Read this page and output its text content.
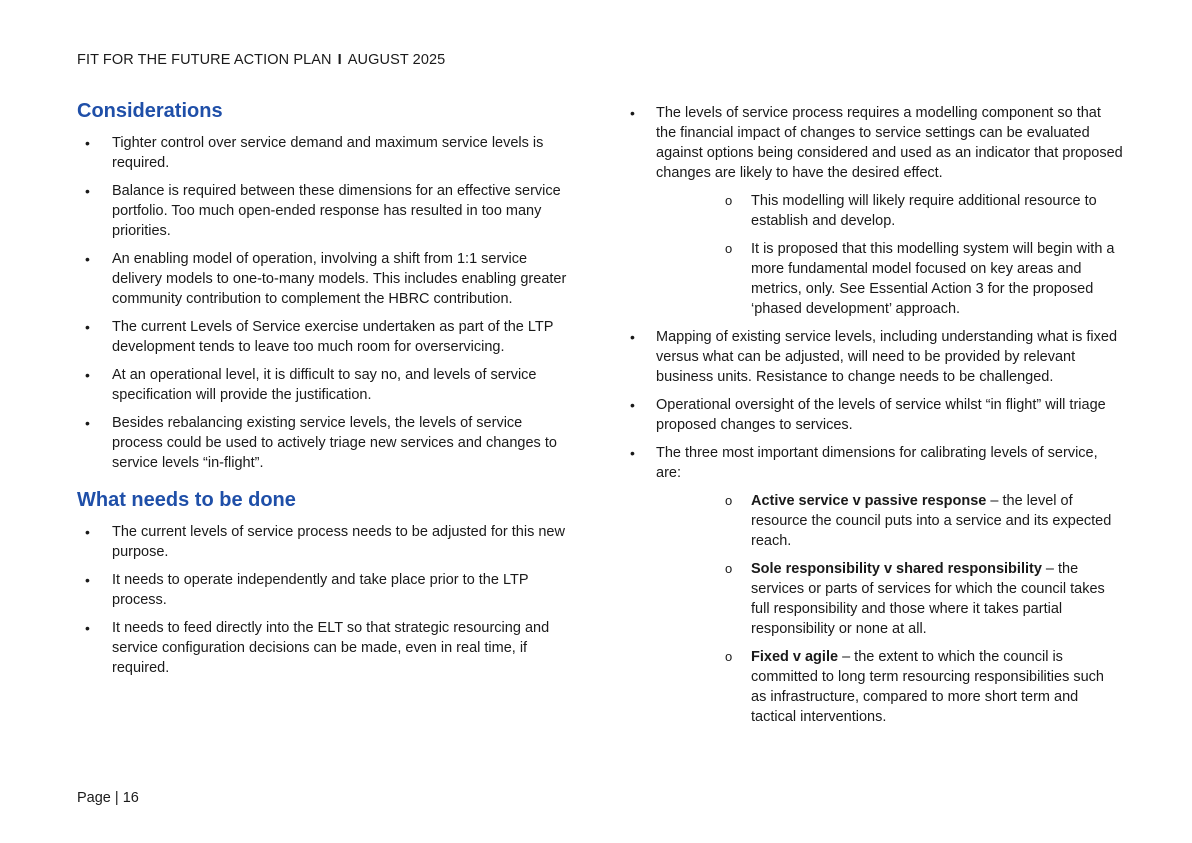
FIT FOR THE FUTURE ACTION PLAN I AUGUST 2025
Considerations
• Tighter control over service demand and maximum service levels is required.
• Balance is required between these dimensions for an effective service portfolio. Too much open-ended response has resulted in too many priorities.
• An enabling model of operation, involving a shift from 1:1 service delivery models to one-to-many models. This includes enabling greater community contribution to complement the HBRC contribution.
• The current Levels of Service exercise undertaken as part of the LTP development tends to leave too much room for overservicing.
• At an operational level, it is difficult to say no, and levels of service specification will provide the justification.
• Besides rebalancing existing service levels, the levels of service process could be used to actively triage new services and changes to service levels “in-flight”.
What needs to be done
• The current levels of service process needs to be adjusted for this new purpose.
• It needs to operate independently and take place prior to the LTP process.
• It needs to feed directly into the ELT so that strategic resourcing and service configuration decisions can be made, even in real time, if required.
• The levels of service process requires a modelling component so that the financial impact of changes to service settings can be evaluated against options being considered and used as an indicator that proposed changes are likely to have the desired effect.
o This modelling will likely require additional resource to establish and develop.
o It is proposed that this modelling system will begin with a more fundamental model focused on key areas and metrics, only. See Essential Action 3 for the proposed ‘phased development’ approach.
• Mapping of existing service levels, including understanding what is fixed versus what can be adjusted, will need to be provided by relevant business units. Resistance to change needs to be challenged.
• Operational oversight of the levels of service whilst “in flight” will triage proposed changes to services.
• The three most important dimensions for calibrating levels of service, are:
o Active service v passive response – the level of resource the council puts into a service and its expected reach.
o Sole responsibility v shared responsibility – the services or parts of services for which the council takes full responsibility and those where it takes partial responsibility or none at all.
o Fixed v agile – the extent to which the council is committed to long term resourcing responsibilities such as infrastructure, compared to more short term and tactical interventions.
Page | 16
